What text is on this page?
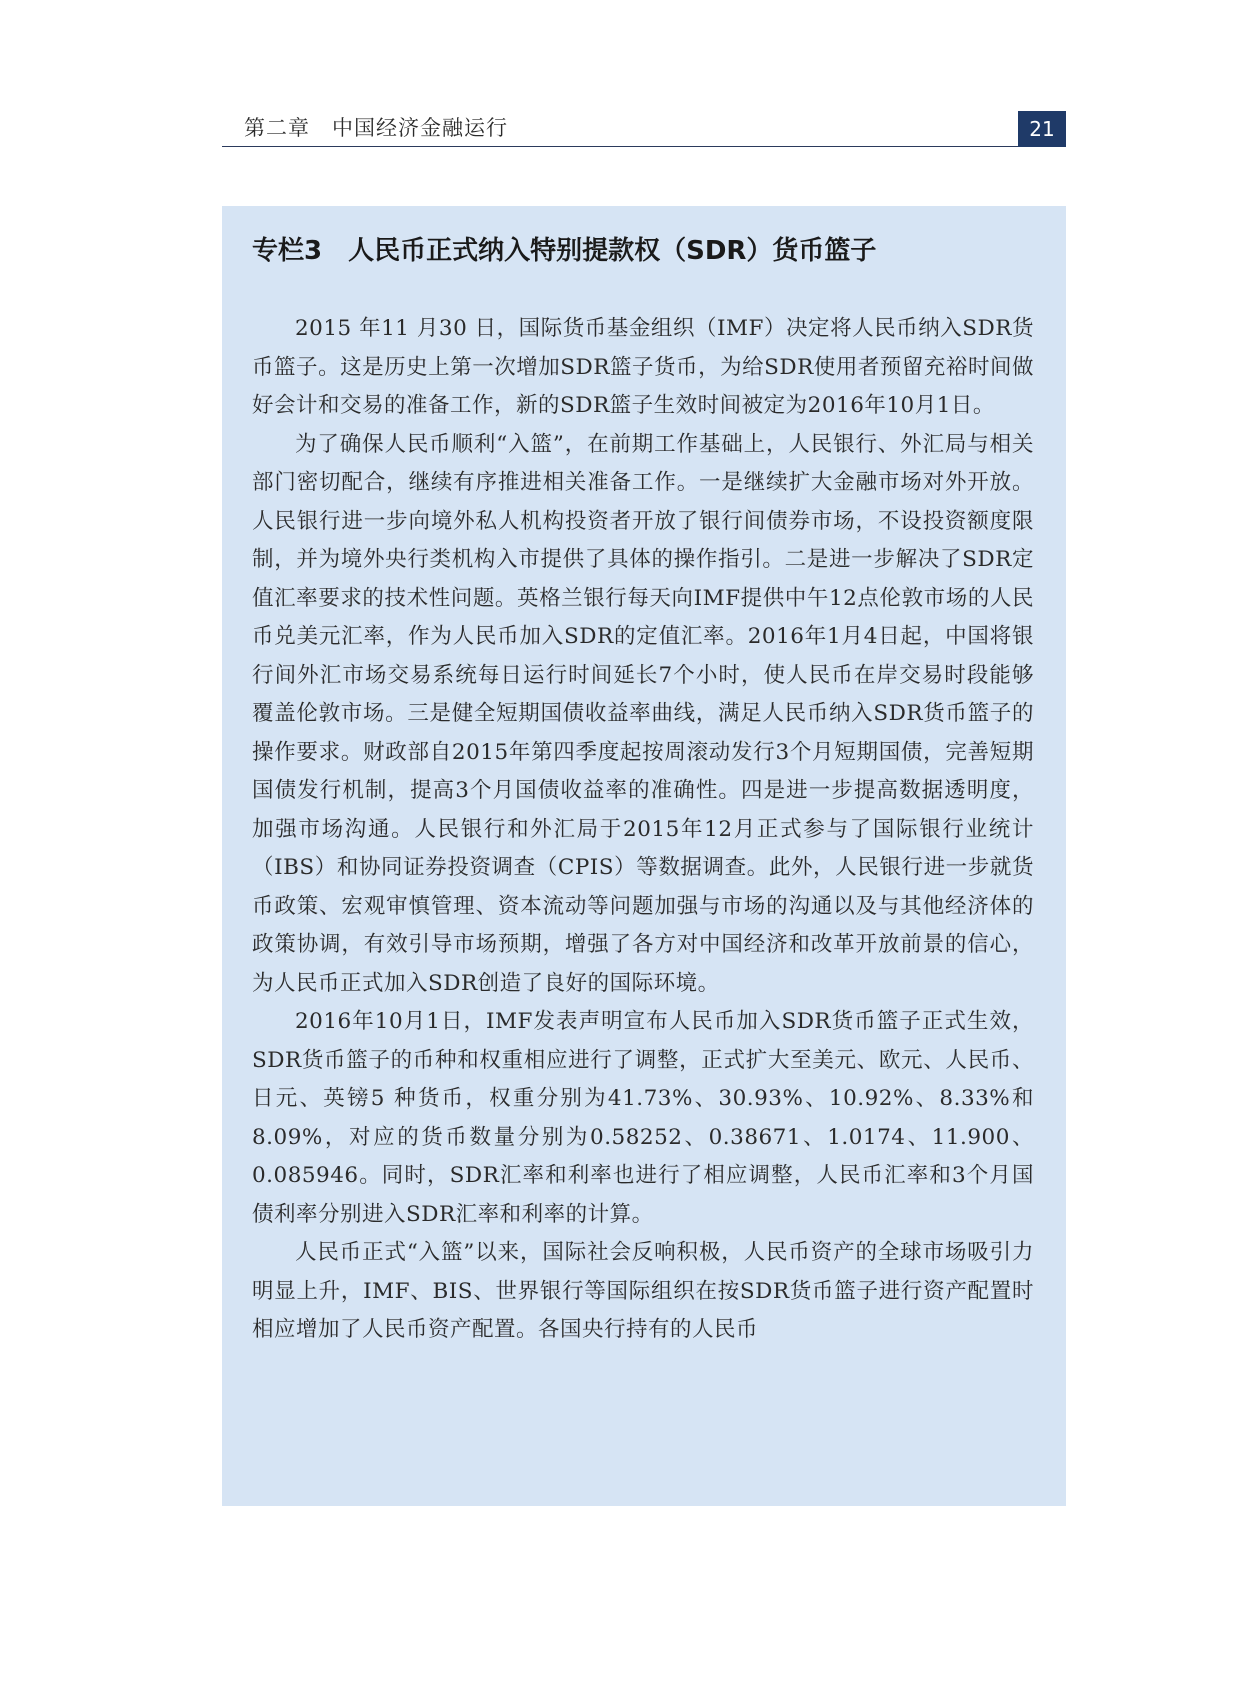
第二章　中国经济金融运行	21
专栏3　人民币正式纳入特别提款权（SDR）货币篮子

2015 年11 月30 日，国际货币基金组织（IMF）决定将人民币纳入SDR货币篮子。这是历史上第一次增加SDR篮子货币，为给SDR使用者预留充裕时间做好会计和交易的准备工作，新的SDR篮子生效时间被定为2016年10月1日。

为了确保人民币顺利“入篮”，在前期工作基础上，人民银行、外汇局与相关部门密切配合，继续有序推进相关准备工作。一是继续扩大金融市场对外开放。人民银行进一步向境外私人机构投资者开放了银行间债券市场，不设投资额度限制，并为境外央行类机构入市提供了具体的操作指引。二是进一步解决了SDR定值汇率要求的技术性问题。英格兰银行每天向IMF提供中午12点伦敦市场的人民币兑美元汇率，作为人民币加入SDR的定值汇率。2016年1月4日起，中国将银行间外汇市场交易系统每日运行时间延长7个小时，使人民币在岸交易时段能够覆盖伦敦市场。三是健全短期国债收益率曲线，满足人民币纳入SDR货币篮子的操作要求。财政部自2015年第四季度起按周滚动发行3个月短期国债，完善短期国债发行机制，提高3个月国债收益率的准确性。四是进一步提高数据透明度，加强市场沟通。人民银行和外汇局于2015年12月正式参与了国际银行业统计（IBS）和协同证券投资调查（CPIS）等数据调查。此外，人民银行进一步就货币政策、宏观审慎管理、资本流动等问题加强与市场的沟通以及与其他经济体的政策协调，有效引导市场预期，增强了各方对中国经济和改革开放前景的信心，为人民币正式加入SDR创造了良好的国际环境。

2016年10月1日，IMF发表声明宣布人民币加入SDR货币篮子正式生效，SDR货币篮子的币种和权重相应进行了调整，正式扩大至美元、欧元、人民币、日元、英镑5 种货币，权重分别为41.73%、30.93%、10.92%、8.33%和8.09%，对应的货币数量分别为0.58252、0.38671、1.0174、11.900、0.085946。同时，SDR汇率和利率也进行了相应调整，人民币汇率和3个月国债利率分别进入SDR汇率和利率的计算。

人民币正式“入篮”以来，国际社会反响积极，人民币资产的全球市场吸引力明显上升，IMF、BIS、世界银行等国际组织在按SDR货币篮子进行资产配置时相应增加了人民币资产配置。各国央行持有的人民币
